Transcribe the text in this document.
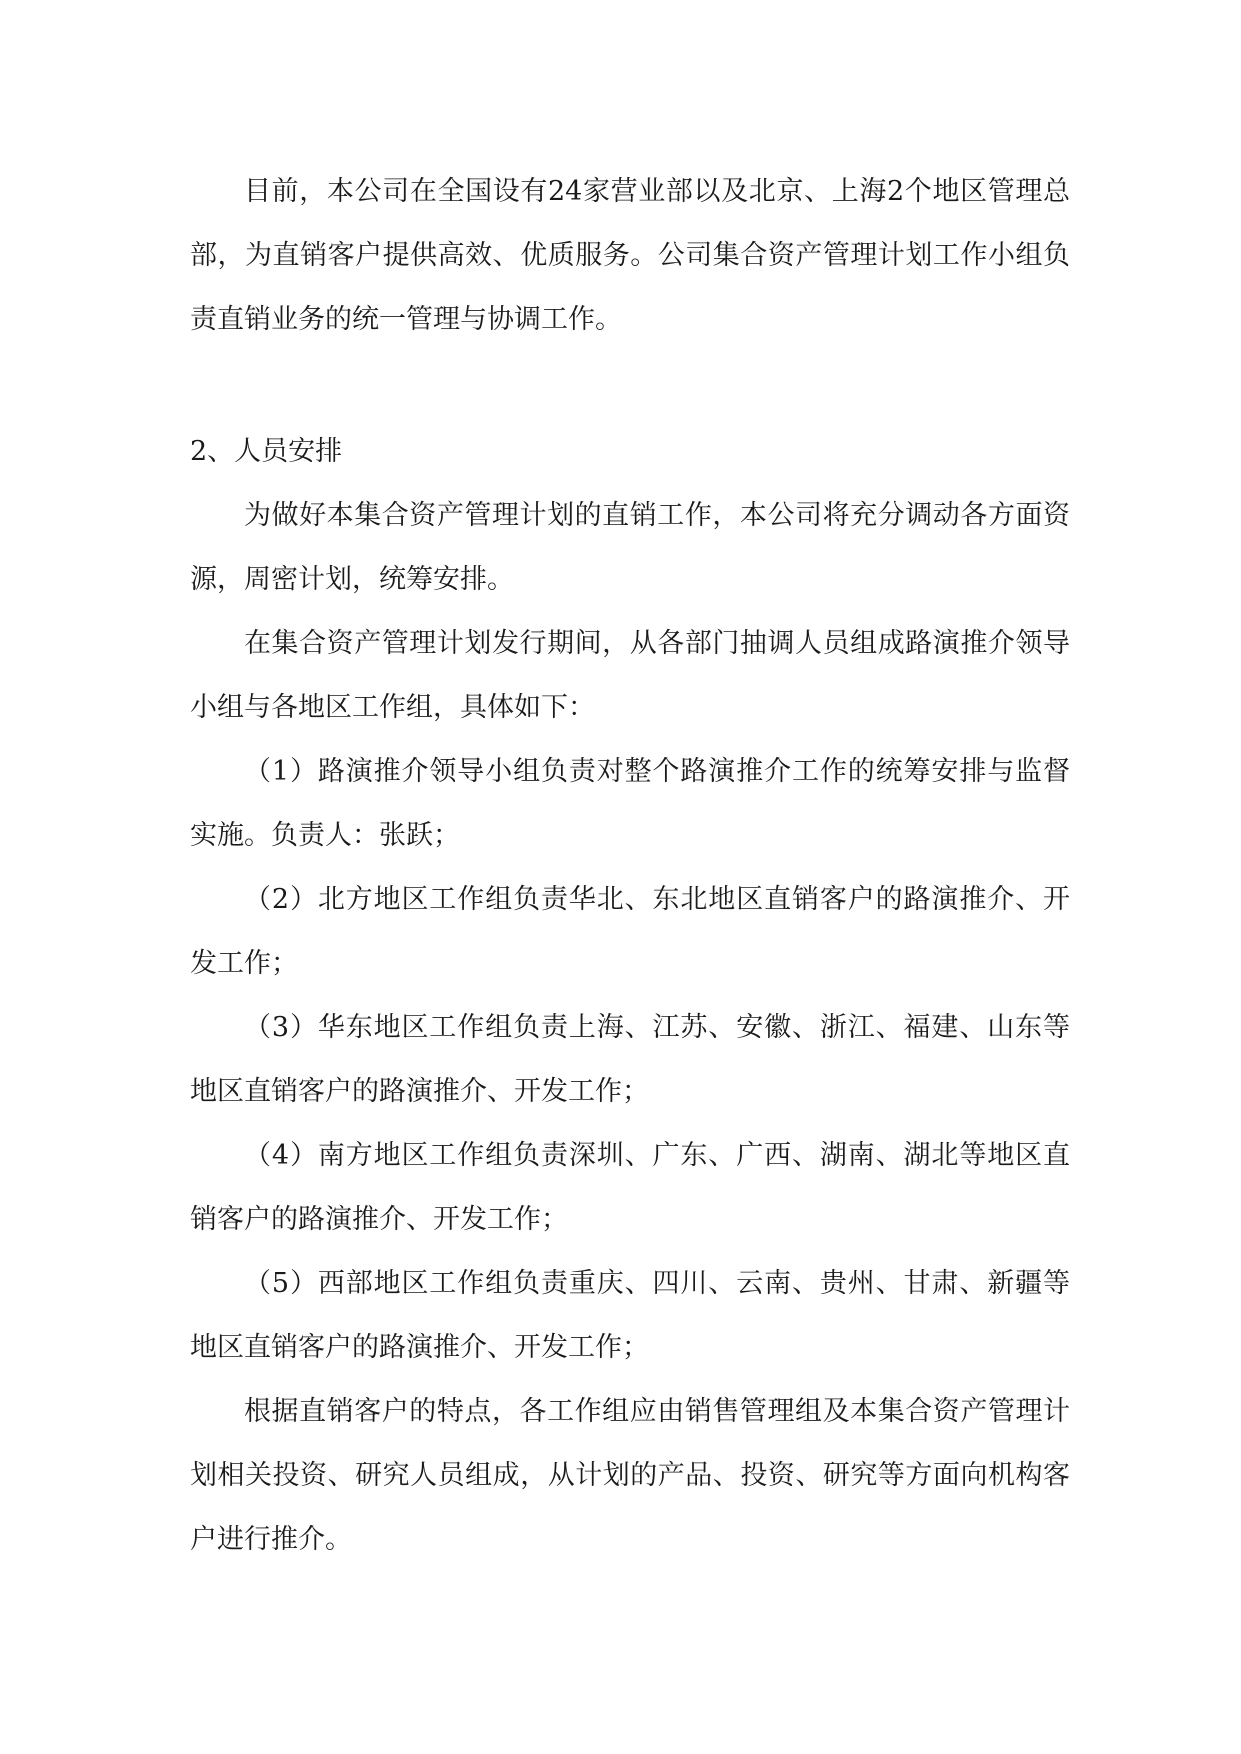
目前，本公司在全国设有24家营业部以及北京、上海2个地区管理总部，为直销客户提供高效、优质服务。公司集合资产管理计划工作小组负责直销业务的统一管理与协调工作。

2、人员安排

为做好本集合资产管理计划的直销工作，本公司将充分调动各方面资源，周密计划，统筹安排。

在集合资产管理计划发行期间，从各部门抽调人员组成路演推介领导小组与各地区工作组，具体如下：

（1）路演推介领导小组负责对整个路演推介工作的统筹安排与监督实施。负责人：张跃；

（2）北方地区工作组负责华北、东北地区直销客户的路演推介、开发工作；

（3）华东地区工作组负责上海、江苏、安徽、浙江、福建、山东等地区直销客户的路演推介、开发工作；

（4）南方地区工作组负责深圳、广东、广西、湖南、湖北等地区直销客户的路演推介、开发工作；

（5）西部地区工作组负责重庆、四川、云南、贵州、甘肃、新疆等地区直销客户的路演推介、开发工作；

根据直销客户的特点，各工作组应由销售管理组及本集合资产管理计划相关投资、研究人员组成，从计划的产品、投资、研究等方面向机构客户进行推介。
